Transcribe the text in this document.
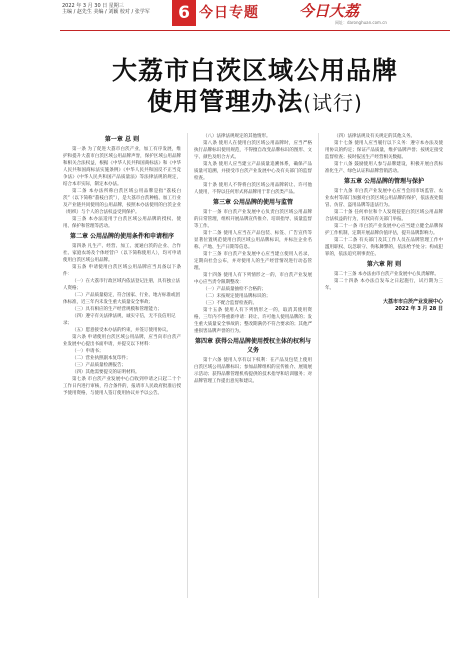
2022 年 3 月 30 日 星期三
主编 / 赵先生 美编 / 刘颖 校对 / 张学军	6 今日专题	今日大荔
网址：daronghuan.com.cn
大荔市白茨区域公用品牌
使用管理办法(试行)

第一章 总 则

第一条 为了促进大荔市白茨产业，加工有序发展，维护和提升大荔市白茨区域公用品牌声誉，保护区域公用品牌和相关合法权益，根据《中华人民共和国商标法》和《中华人民共和国商标法实施条例》《中华人民共和国反不正当竞争法》《中华人民共和国产品质量法》等法律法规的规定，结合本市实际，制定本办法。

第二条 本办法所称白茨区域公用品牌是指“荔枝白茨”（以下简称“荔枝白茨”），是大荔市白茨种植、加工行业及产业链共同使用的公用品牌，按照本办法使用的白茨企业（组织）与个人的合法权益受到保护。

第三条 本办法适用于白茨区域公用品牌的授权、使用、保护和管理等活动。

第二章 公用品牌的使用条件和申请程序

第四条 凡生产、经营、加工、流通白茨的企业、合作社、家庭农场及个体经营户（以下简称使用人），均可申请使用白茨区域公用品牌。

第五条 申请使用白茨区域公用品牌应当具备以下条件：

（一）在大荔市行政区域内依法登记注册，具有独立法人资格；

（二）产品质量稳定，符合国家、行业、地方标准或团体标准，近三年内未发生重大质量安全事故；

（三）具有相应的生产经营规模和管理能力；

（四）遵守有关法律法规，诚实守信，无不良信用记录；

（五）愿意接受本办法的约束，并签订使用协议。

第六条 申请使用白茨区域公用品牌，应当向市白茨产业发展中心提出书面申请，并提交以下材料：

（一）申请书；

（二）营业执照副本复印件；

（三）产品质量检测报告；

（四）其他需要提交的证明材料。

第七条 市白茨产业发展中心自收到申请之日起二十个工作日内进行审核，符合条件的，报请市人民政府批准后授予使用资格，与使用人签订使用协议并予以公告。

（八）法律法规规定的其他情形。

第八条 使用人在使用白茨区域公用品牌时，应当严格执行品牌标识使用规范，不得擅自改变品牌标识的图形、文字、颜色及组合方式。

第九条 使用人应当建立产品质量追溯体系，确保产品质量可追溯，并接受市白茨产业发展中心及有关部门的监督检查。

第十条 使用人不得将白茨区域公用品牌转让、许可他人使用，不得以任何形式将品牌用于非白茨类产品。

第三章 公用品牌的使用与监管

第十一条 市白茨产业发展中心负责白茨区域公用品牌的日常管理，组织开展品牌宣传推介、培训指导、质量监督等工作。

第十二条 使用人应当在产品包装、标签、广告宣传等显著位置规范使用白茨区域公用品牌标识，并标注企业名称、产地、生产日期等信息。

第十三条 市白茨产业发展中心应当建立使用人名录，定期向社会公布，并对使用人的生产经营情况进行动态管理。

第十四条 使用人有下列情形之一的，市白茨产业发展中心应当责令限期整改：

（一）产品质量抽检不合格的；

（二）未按规定使用品牌标识的；

（三）不配合监督检查的。

第十五条 使用人有下列情形之一的，取消其使用资格，三年内不得重新申请：转让、许可他人使用品牌的；发生重大质量安全事故的；整改期满仍不符合要求的；其他严重损害品牌声誉的行为。

第四章 获得公用品牌使用授权主体的权利与义务

第十六条 使用人享有以下权利：在产品及包装上使用白茨区域公用品牌标识；参加品牌组织的宣传推介、展销展示活动；获得品牌管理机构提供的技术指导和培训服务；对品牌管理工作提出意见和建议。

（四）法律法规及有关规定的其他义务。

第十七条 使用人应当履行以下义务：遵守本办法及使用协议的约定；保证产品质量，维护品牌声誉；按规定接受监督检查；按时报送生产经营相关数据。

第十八条 鼓励使用人参与品牌建设，积极开展白茨标准化生产、绿色认证和品牌营销活动。

第五章 公用品牌的管理与保护

第十九条 市白茨产业发展中心应当会同市场监管、农业农村等部门加强对白茨区域公用品牌的保护，依法查处假冒、仿冒、盗用品牌等违法行为。

第二十条 任何单位和个人发现侵犯白茨区域公用品牌合法权益的行为，有权向有关部门举报。

第二十一条 市白茨产业发展中心应当建立健全品牌保护工作机制，定期开展品牌价值评估，提升品牌影响力。

第二十二条 有关部门及其工作人员在品牌管理工作中滥用职权、玩忽职守、徇私舞弊的，依法给予处分；构成犯罪的，依法追究刑事责任。

第六章 附 则

第二十三条 本办法由市白茨产业发展中心负责解释。

第二十四条 本办法自发布之日起施行，试行期为三年。

大荔市市白茨产业发展中心

2022 年 3 月 28 日
